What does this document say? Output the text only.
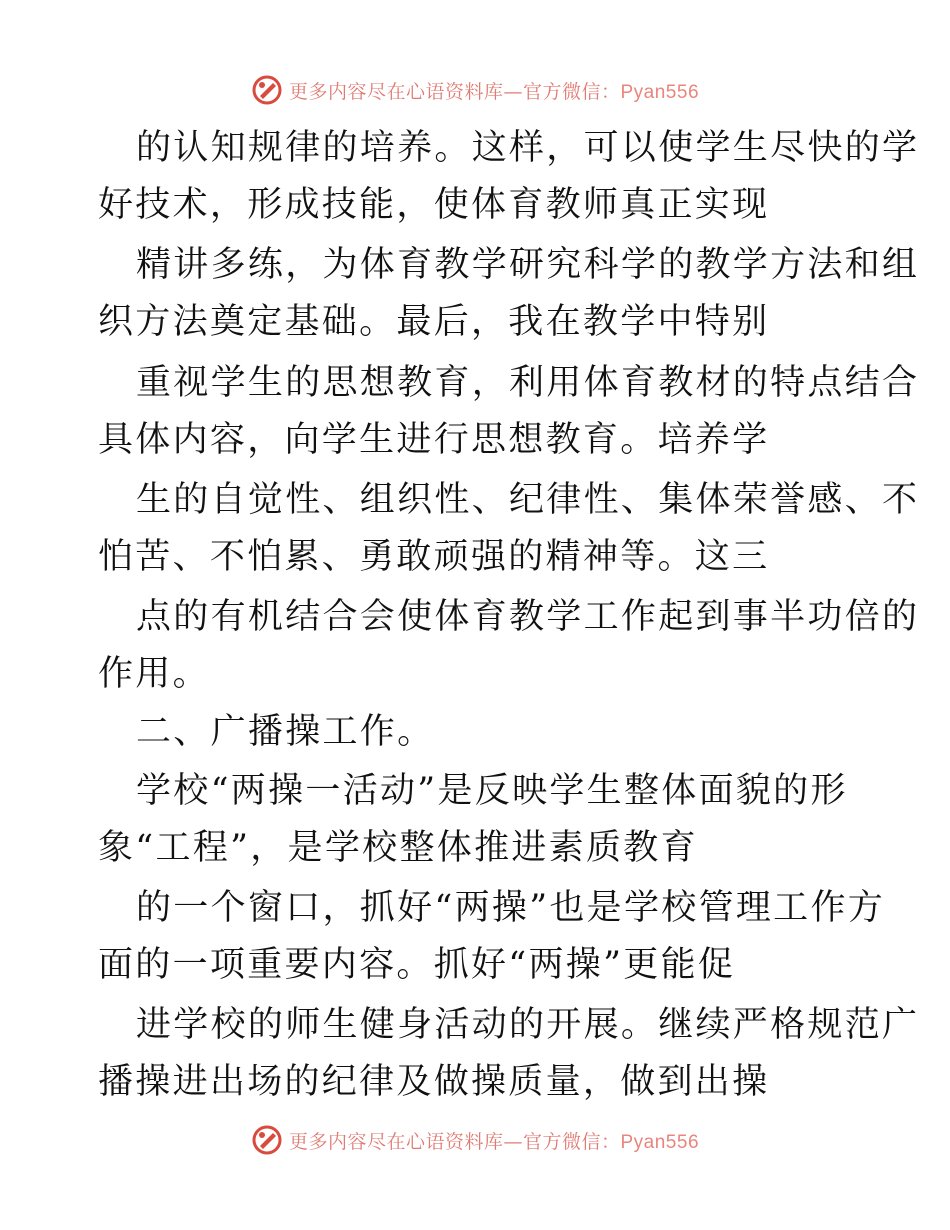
更多内容尽在心语资料库—官方微信：Pyan556
的认知规律的培养。这样，可以使学生尽快的学
好技术，形成技能，使体育教师真正实现
精讲多练，为体育教学研究科学的教学方法和组
织方法奠定基础。最后，我在教学中特别
重视学生的思想教育，利用体育教材的特点结合
具体内容，向学生进行思想教育。培养学
生的自觉性、组织性、纪律性、集体荣誉感、不
怕苦、不怕累、勇敢顽强的精神等。这三
点的有机结合会使体育教学工作起到事半功倍的
作用。
二、广播操工作。
学校“两操一活动”是反映学生整体面貌的形
象“工程”，是学校整体推进素质教育
的一个窗口，抓好“两操”也是学校管理工作方
面的一项重要内容。抓好“两操”更能促
进学校的师生健身活动的开展。继续严格规范广
播操进出场的纪律及做操质量，做到出操
更多内容尽在心语资料库—官方微信：Pyan556
